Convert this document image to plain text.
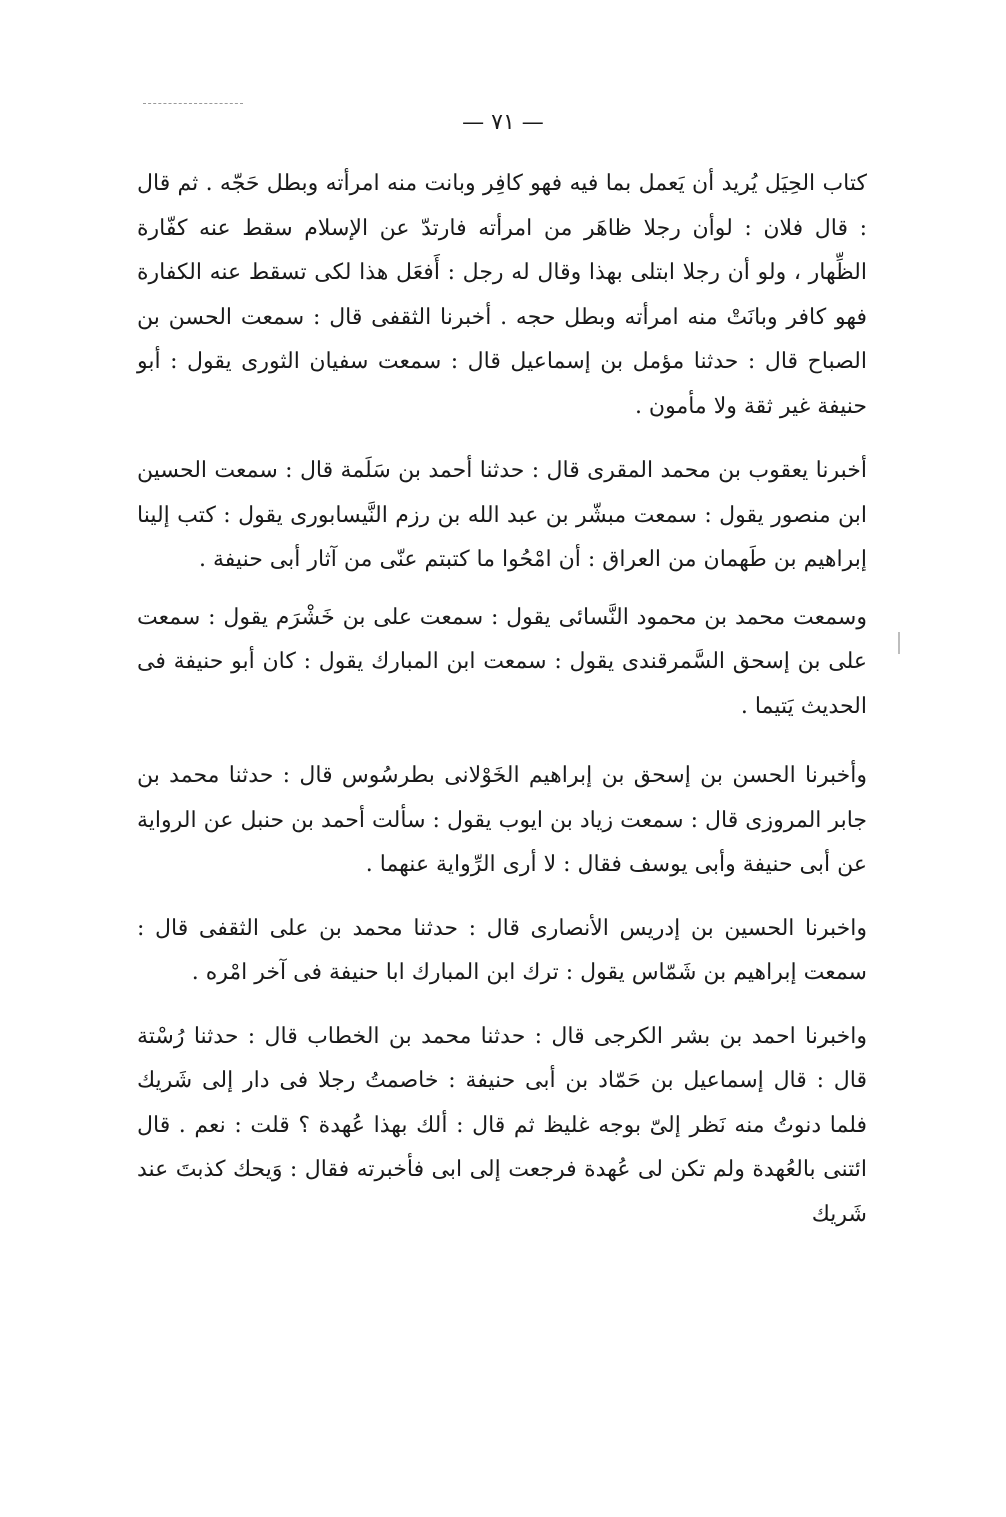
— ٧١ —

كتاب الحِيَل يُريد أن يَعمل بما فيه فهو كافِر وبانت منه امرأته وبطل حَجّه . ثم قال : قال فلان : لوأن رجلا ظاهَر من امرأته فارتدّ عن الإسلام سقط عنه كفّارة الظِّهار ، ولو أن رجلا ابتلى بهذا وقال له رجل : أَفعَل هذا لكى تسقط عنه الكفارة فهو كافر وبانَتْ منه امرأته وبطل حجه . أخبرنا الثقفى قال : سمعت الحسن بن الصباح قال : حدثنا مؤمل بن إسماعيل قال : سمعت سفيان الثورى يقول : أبو حنيفة غير ثقة ولا مأمون .

أخبرنا يعقوب بن محمد المقرى قال : حدثنا أحمد بن سَلَمة قال : سمعت الحسين ابن منصور يقول : سمعت مبشّر بن عبد الله بن رزم النَّيسابورى يقول : كتب إلينا إبراهيم بن طَهمان من العراق : أن امْحُوا ما كتبتم عنّى من آثار أبى حنيفة .

وسمعت محمد بن محمود النَّسائى يقول : سمعت على بن خَشْرَم يقول : سمعت على بن إسحق السَّمرقندى يقول : سمعت ابن المبارك يقول : كان أبو حنيفة فى الحديث يَتيما .

وأخبرنا الحسن بن إسحق بن إبراهيم الخَوْلانى بطرسُوس قال : حدثنا محمد بن جابر المروزى قال : سمعت زياد بن ايوب يقول : سألت أحمد بن حنبل عن الرواية عن أبى حنيفة وأبى يوسف فقال : لا أرى الرِّواية عنهما .

واخبرنا الحسين بن إدريس الأنصارى قال : حدثنا محمد بن على الثقفى قال : سمعت إبراهيم بن شَمّاس يقول : ترك ابن المبارك ابا حنيفة فى آخر امْره .

واخبرنا احمد بن بشر الكرجى قال : حدثنا محمد بن الخطاب قال : حدثنا رُسْتة قال : قال إسماعيل بن حَمّاد بن أبى حنيفة : خاصمتُ رجلا فى دار إلى شَريك فلما دنوتُ منه نَظر إلىّ بوجه غليظ ثم قال : ألك بهذا عُهدة ؟ قلت : نعم . قال ائتنى بالعُهدة ولم تكن لى عُهدة فرجعت إلى ابى فأخبرته فقال : وَيحك كذبتَ عند شَريك
